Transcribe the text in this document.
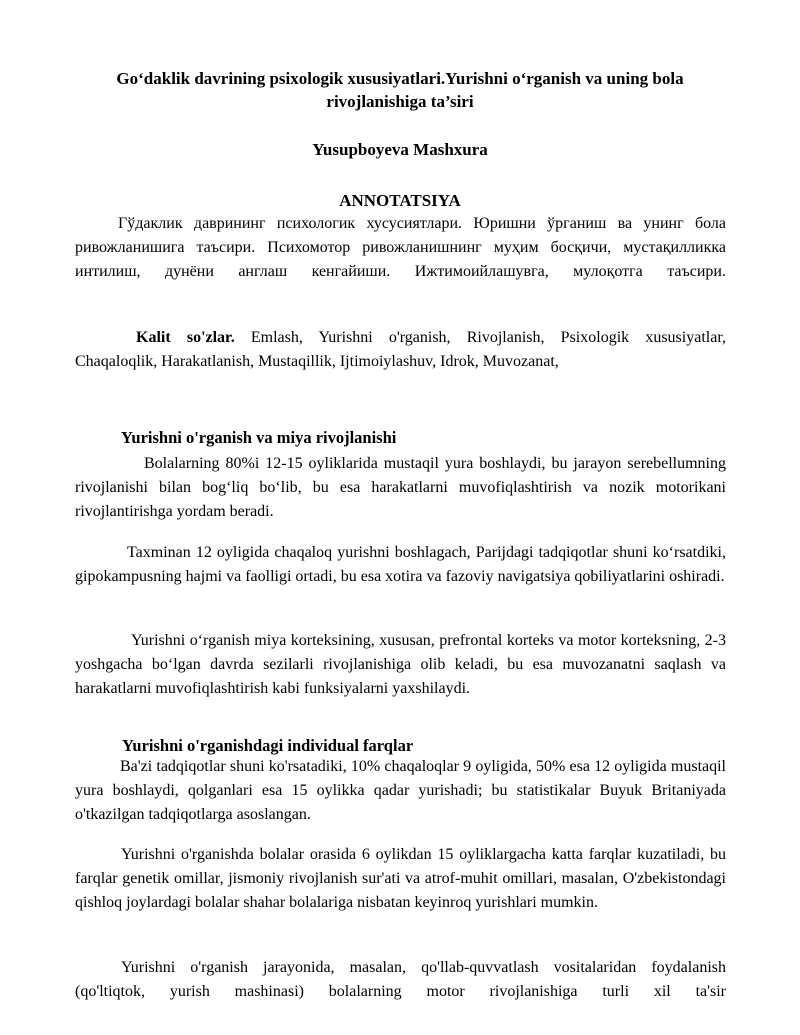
Go‘daklik davrining psixologik xususiyatlari.Yurishni o‘rganish va uning bola
rivojlanishiga ta’siri
Yusupboyeva Mashxura
ANNOTATSIYA
Гўдаклик даврининг психологик хусусиятлари. Юришни ўрганиш ва унинг бола ривожланишига таъсири. Психомотор ривожланишнинг муҳим босқичи, мустақилликка интилиш, дунёни англаш кенгайиши. Ижтимоийлашувга, мулоқотга таъсири.
Kalit so'zlar. Emlash, Yurishni o'rganish, Rivojlanish, Psixologik xususiyatlar, Chaqaloqlik, Harakatlanish, Mustaqillik, Ijtimoiylashuv, Idrok, Muvozanat,
Yurishni o'rganish va miya rivojlanishi
Bolalarning 80%i 12-15 oyliklarida mustaqil yura boshlaydi, bu jarayon serebellumning rivojlanishi bilan bog‘liq bo‘lib, bu esa harakatlarni muvofiqlashtirish va nozik motorikani rivojlantirishga yordam beradi.
Taxminan 12 oyligida chaqaloq yurishni boshlagach, Parijdagi tadqiqotlar shuni ko‘rsatdiki, gipokampusning hajmi va faolligi ortadi, bu esa xotira va fazoviy navigatsiya qobiliyatlarini oshiradi.
Yurishni o‘rganish miya korteksining, xususan, prefrontal korteks va motor korteksning, 2-3 yoshgacha bo‘lgan davrda sezilarli rivojlanishiga olib keladi, bu esa muvozanatni saqlash va harakatlarni muvofiqlashtirish kabi funksiyalarni yaxshilaydi.
Yurishni o'rganishdagi individual farqlar
Ba'zi tadqiqotlar shuni ko'rsatadiki, 10% chaqaloqlar 9 oyligida, 50% esa 12 oyligida mustaqil yura boshlaydi, qolganlari esa 15 oylikka qadar yurishadi; bu statistikalar Buyuk Britaniyada o'tkazilgan tadqiqotlarga asoslangan.
Yurishni o'rganishda bolalar orasida 6 oylikdan 15 oyliklargacha katta farqlar kuzatiladi, bu farqlar genetik omillar, jismoniy rivojlanish sur'ati va atrof-muhit omillari, masalan, O'zbekistondagi qishloq joylardagi bolalar shahar bolalariga nisbatan keyinroq yurishlari mumkin.
Yurishni o'rganish jarayonida, masalan, qo'llab-quvvatlash vositalaridan foydalanish (qo'ltiqtok, yurish mashinasi) bolalarning motor rivojlanishiga turli xil ta'sir
